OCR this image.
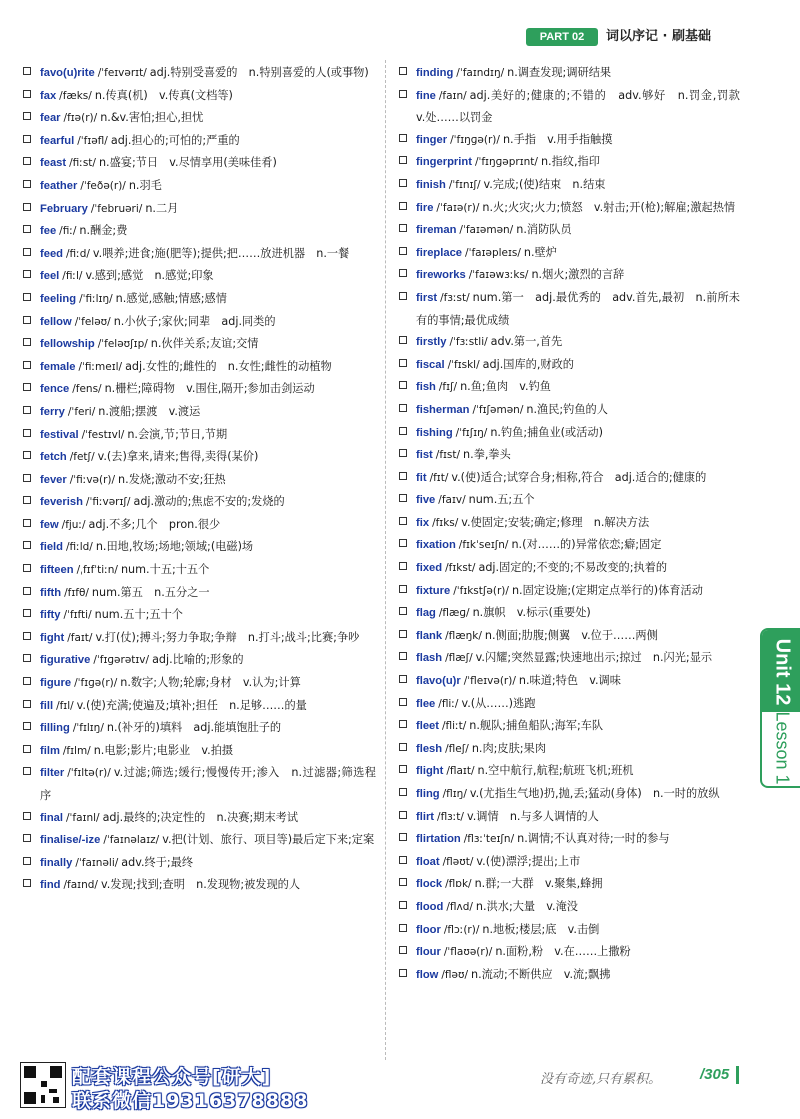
PART 02	词以序记 · 刷基础
favo(u)rite /ˈfeɪvərɪt/ adj.特别受喜爱的　n.特别喜爱的人(或事物)
fax /fæks/ n.传真(机)　v.传真(文档等)
fear /fɪə(r)/ n.&v.害怕;担心,担忧
fearful /ˈfɪəfl/ adj.担心的;可怕的;严重的
feast /fiːst/ n.盛宴;节日　v.尽情享用(美味佳肴)
feather /ˈfeðə(r)/ n.羽毛
February /ˈfebruəri/ n.二月
fee /fiː/ n.酬金;费
feed /fiːd/ v.喂养;进食;施(肥等);提供;把……放进机器　n.一餐
feel /fiːl/ v.感到;感觉　n.感觉;印象
feeling /ˈfiːlɪŋ/ n.感觉,感触;情感;感情
fellow /ˈfeləʊ/ n.小伙子;家伙;同辈　adj.同类的
fellowship /ˈfeləʊʃɪp/ n.伙伴关系;友谊;交情
female /ˈfiːmeɪl/ adj.女性的;雌性的　n.女性;雌性的动植物
fence /fens/ n.栅栏;障碍物　v.围住,隔开;参加击剑运动
ferry /ˈferi/ n.渡船;摆渡　v.渡运
festival /ˈfestɪvl/ n.会演,节;节日,节期
fetch /fetʃ/ v.(去)拿来,请来;售得,卖得(某价)
fever /ˈfiːvə(r)/ n.发烧;激动不安;狂热
feverish /ˈfiːvərɪʃ/ adj.激动的;焦虑不安的;发烧的
few /fjuː/ adj.不多;几个　pron.很少
field /fiːld/ n.田地,牧场;场地;领域;(电磁)场
fifteen /ˌfɪfˈtiːn/ num.十五;十五个
fifth /fɪfθ/ num.第五　n.五分之一
fifty /ˈfɪfti/ num.五十;五十个
fight /faɪt/ v.打(仗);搏斗;努力争取;争辩　n.打斗;战斗;比赛;争吵
figurative /ˈfɪɡərətɪv/ adj.比喻的;形象的
figure /ˈfɪɡə(r)/ n.数字;人物;轮廓;身材　v.认为;计算
fill /fɪl/ v.(使)充满;使遍及;填补;担任　n.足够……的量
filling /ˈfɪlɪŋ/ n.(补牙的)填料　adj.能填饱肚子的
film /fɪlm/ n.电影;影片;电影业　v.拍摄
filter /ˈfɪltə(r)/ v.过滤;筛选;缓行;慢慢传开;渗入　n.过滤器;筛选程序
final /ˈfaɪnl/ adj.最终的;决定性的　n.决赛;期末考试
finalise/-ize /ˈfaɪnəlaɪz/ v.把(计划、旅行、项目等)最后定下来;定案
finally /ˈfaɪnəli/ adv.终于;最终
find /faɪnd/ v.发现;找到;查明　n.发现物;被发现的人
finding /ˈfaɪndɪŋ/ n.调查发现;调研结果
fine /faɪn/ adj.美好的;健康的;不错的　adv.够好　n.罚金,罚款　v.处……以罚金
finger /ˈfɪŋɡə(r)/ n.手指　v.用手指触摸
fingerprint /ˈfɪŋɡəprɪnt/ n.指纹,指印
finish /ˈfɪnɪʃ/ v.完成;(使)结束　n.结束
fire /ˈfaɪə(r)/ n.火;火灾;火力;愤怒　v.射击;开(枪);解雇;激起热情
fireman /ˈfaɪəmən/ n.消防队员
fireplace /ˈfaɪəpleɪs/ n.壁炉
fireworks /ˈfaɪəwɜːks/ n.烟火;激烈的言辞
first /fɜːst/ num.第一　adj.最优秀的　adv.首先,最初　n.前所未有的事情;最优成绩
firstly /ˈfɜːstli/ adv.第一,首先
fiscal /ˈfɪskl/ adj.国库的,财政的
fish /fɪʃ/ n.鱼;鱼肉　v.钓鱼
fisherman /ˈfɪʃəmən/ n.渔民;钓鱼的人
fishing /ˈfɪʃɪŋ/ n.钓鱼;捕鱼业(或活动)
fist /fɪst/ n.拳,拳头
fit /fɪt/ v.(使)适合;试穿合身;相称,符合　adj.适合的;健康的
five /faɪv/ num.五;五个
fix /fɪks/ v.使固定;安装;确定;修理　n.解决方法
fixation /fɪkˈseɪʃn/ n.(对……的)异常依恋;癖;固定
fixed /fɪkst/ adj.固定的;不变的;不易改变的;执着的
fixture /ˈfɪkstʃə(r)/ n.固定设施;(定期定点举行的)体育活动
flag /flæɡ/ n.旗帜　v.标示(重要处)
flank /flæŋk/ n.侧面;肋腹;侧翼　v.位于……两侧
flash /flæʃ/ v.闪耀;突然显露;快速地出示;掠过　n.闪光;显示
flavo(u)r /ˈfleɪvə(r)/ n.味道;特色　v.调味
flee /fliː/ v.(从……)逃跑
fleet /fliːt/ n.舰队;捕鱼船队;海军;车队
flesh /fleʃ/ n.肉;皮肤;果肉
flight /flaɪt/ n.空中航行,航程;航班飞机;班机
fling /flɪŋ/ v.(尤指生气地)扔,抛,丢;猛动(身体)　n.一时的放纵
flirt /flɜːt/ v.调情　n.与多人调情的人
flirtation /flɜːˈteɪʃn/ n.调情;不认真对待;一时的参与
float /fləʊt/ v.(使)漂浮;提出;上市
flock /flɒk/ n.群;一大群　v.聚集,蜂拥
flood /flʌd/ n.洪水;大量　v.淹没
floor /flɔː(r)/ n.地板;楼层;底　v.击倒
flour /ˈflaʊə(r)/ n.面粉,粉　v.在……上撒粉
flow /fləʊ/ n.流动;不断供应　v.流;飘拂
Unit 12
Lesson 1
配套课程公众号[研大]
联系微信19316378888
没有奇迹,只有累积。	/305
